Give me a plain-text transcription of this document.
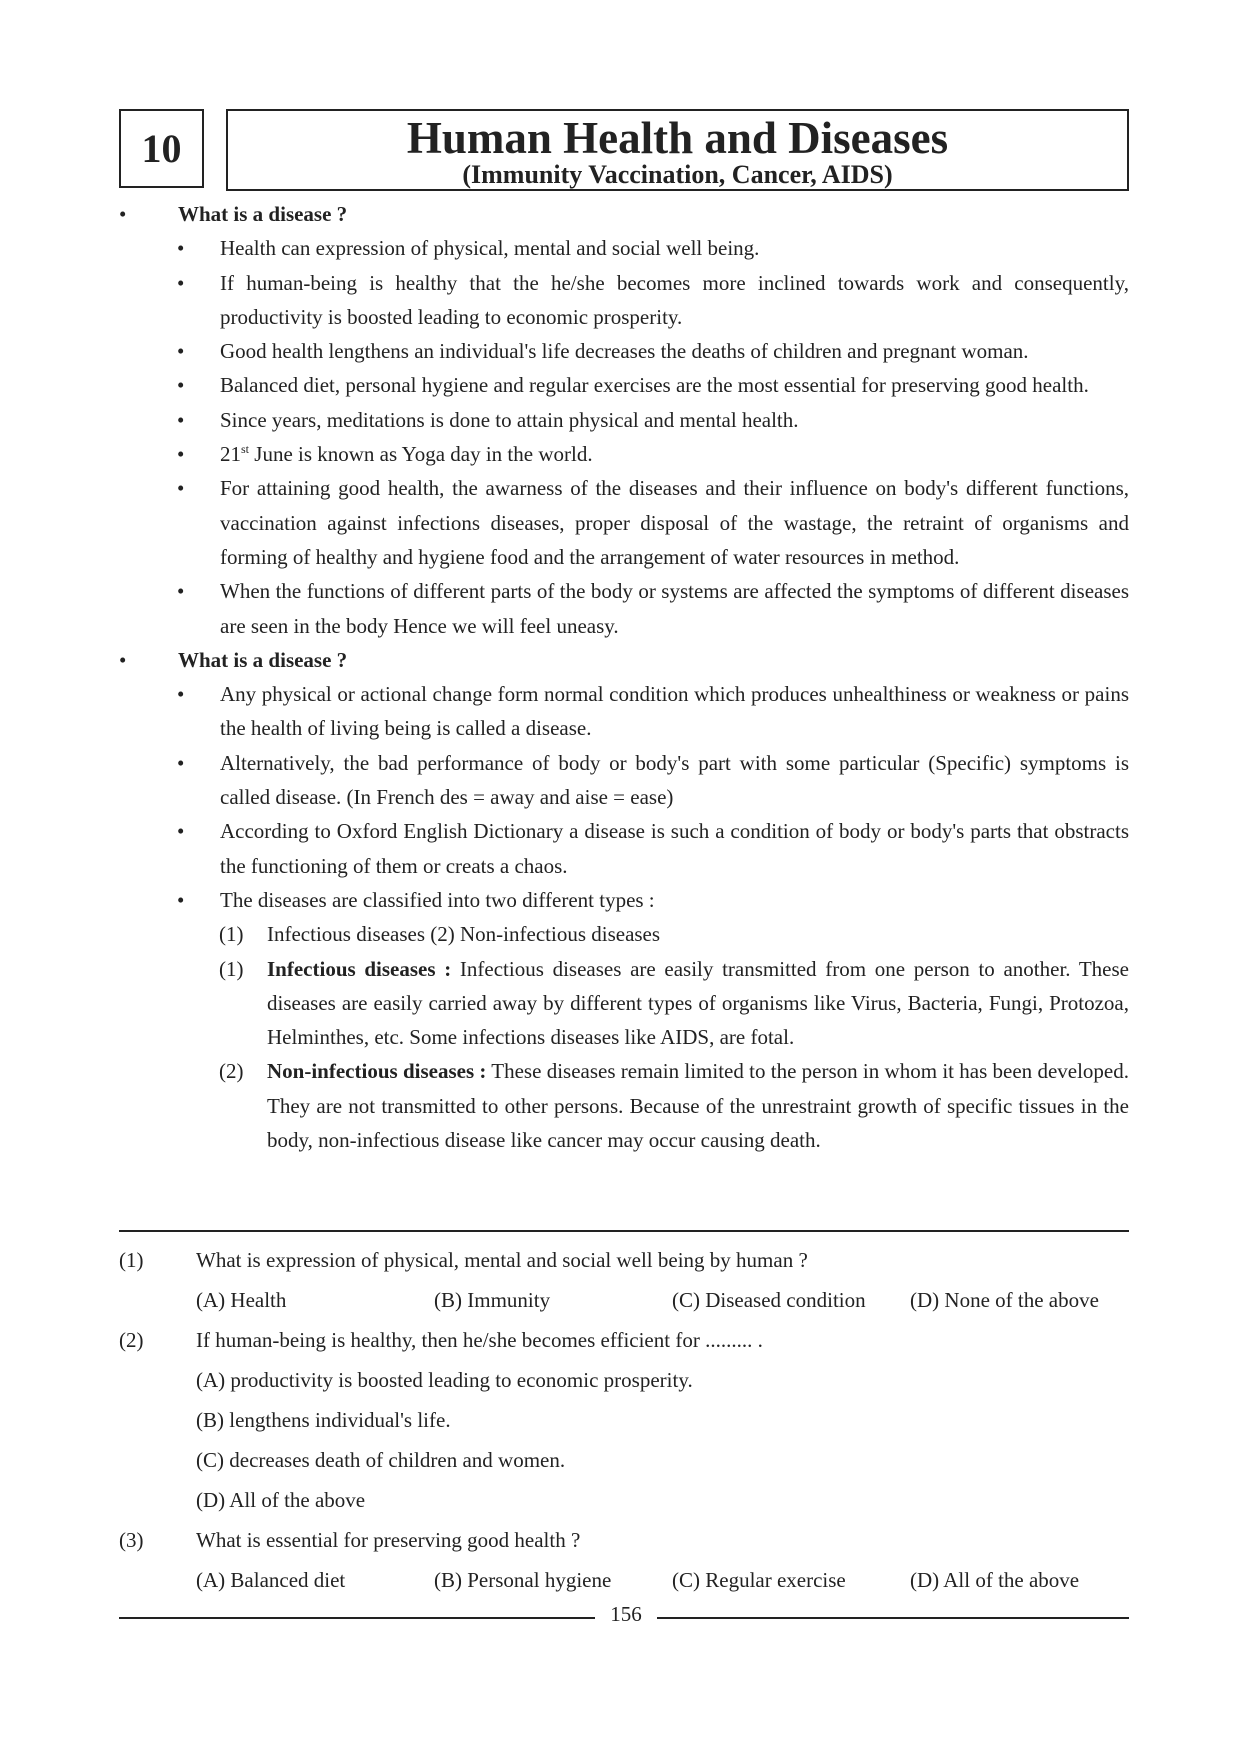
10	Human Health and Diseases
(Immunity Vaccination, Cancer, AIDS)
• What is a disease ?
• Health can expression of physical, mental and social well being.
• If human-being is healthy that the he/she becomes more inclined towards work and consequently, productivity is boosted leading to economic prosperity.
• Good health lengthens an individual's life decreases the deaths of children and pregnant woman.
• Balanced diet, personal hygiene and regular exercises are the most essential for preserving good health.
• Since years, meditations is done to attain physical and mental health.
• 21st June is known as Yoga day in the world.
• For attaining good health, the awarness of the diseases and their influence on body's different functions, vaccination against infections diseases, proper disposal of the wastage, the retraint of organisms and forming of healthy and hygiene food and the arrangement of water resources in method.
• When the functions of different parts of the body or systems are affected the symptoms of different diseases are seen in the body Hence we will feel uneasy.
• What is a disease ?
• Any physical or actional change form normal condition which produces unhealthiness or weakness or pains the health of living being is called a disease.
• Alternatively, the bad performance of body or body's part with some particular (Specific) symptoms is called disease. (In French des = away and aise = ease)
• According to Oxford English Dictionary a disease is such a condition of body or body's parts that obstracts the functioning of them or creats a chaos.
• The diseases are classified into two different types :
(1) Infectious diseases (2) Non-infectious diseases
(1) Infectious diseases : Infectious diseases are easily transmitted from one person to another. These diseases are easily carried away by different types of organisms like Virus, Bacteria, Fungi, Protozoa, Helminthes, etc. Some infections diseases like AIDS, are fotal.
(2) Non-infectious diseases : These diseases remain limited to the person in whom it has been developed. They are not transmitted to other persons. Because of the unrestraint growth of specific tissues in the body, non-infectious disease like cancer may occur causing death.
(1)	What is expression of physical, mental and social well being by human ?
(A) Health	(B) Immunity	(C) Diseased condition (D) None of the above
(2)	If human-being is healthy, then he/she becomes efficient for ......... .
(A) productivity is boosted leading to economic prosperity.
(B) lengthens individual's life.
(C) decreases death of children and women.
(D) All of the above
(3)	What is essential for preserving good health ?
(A) Balanced diet	(B) Personal hygiene	(C) Regular exercise	(D) All of the above
156
